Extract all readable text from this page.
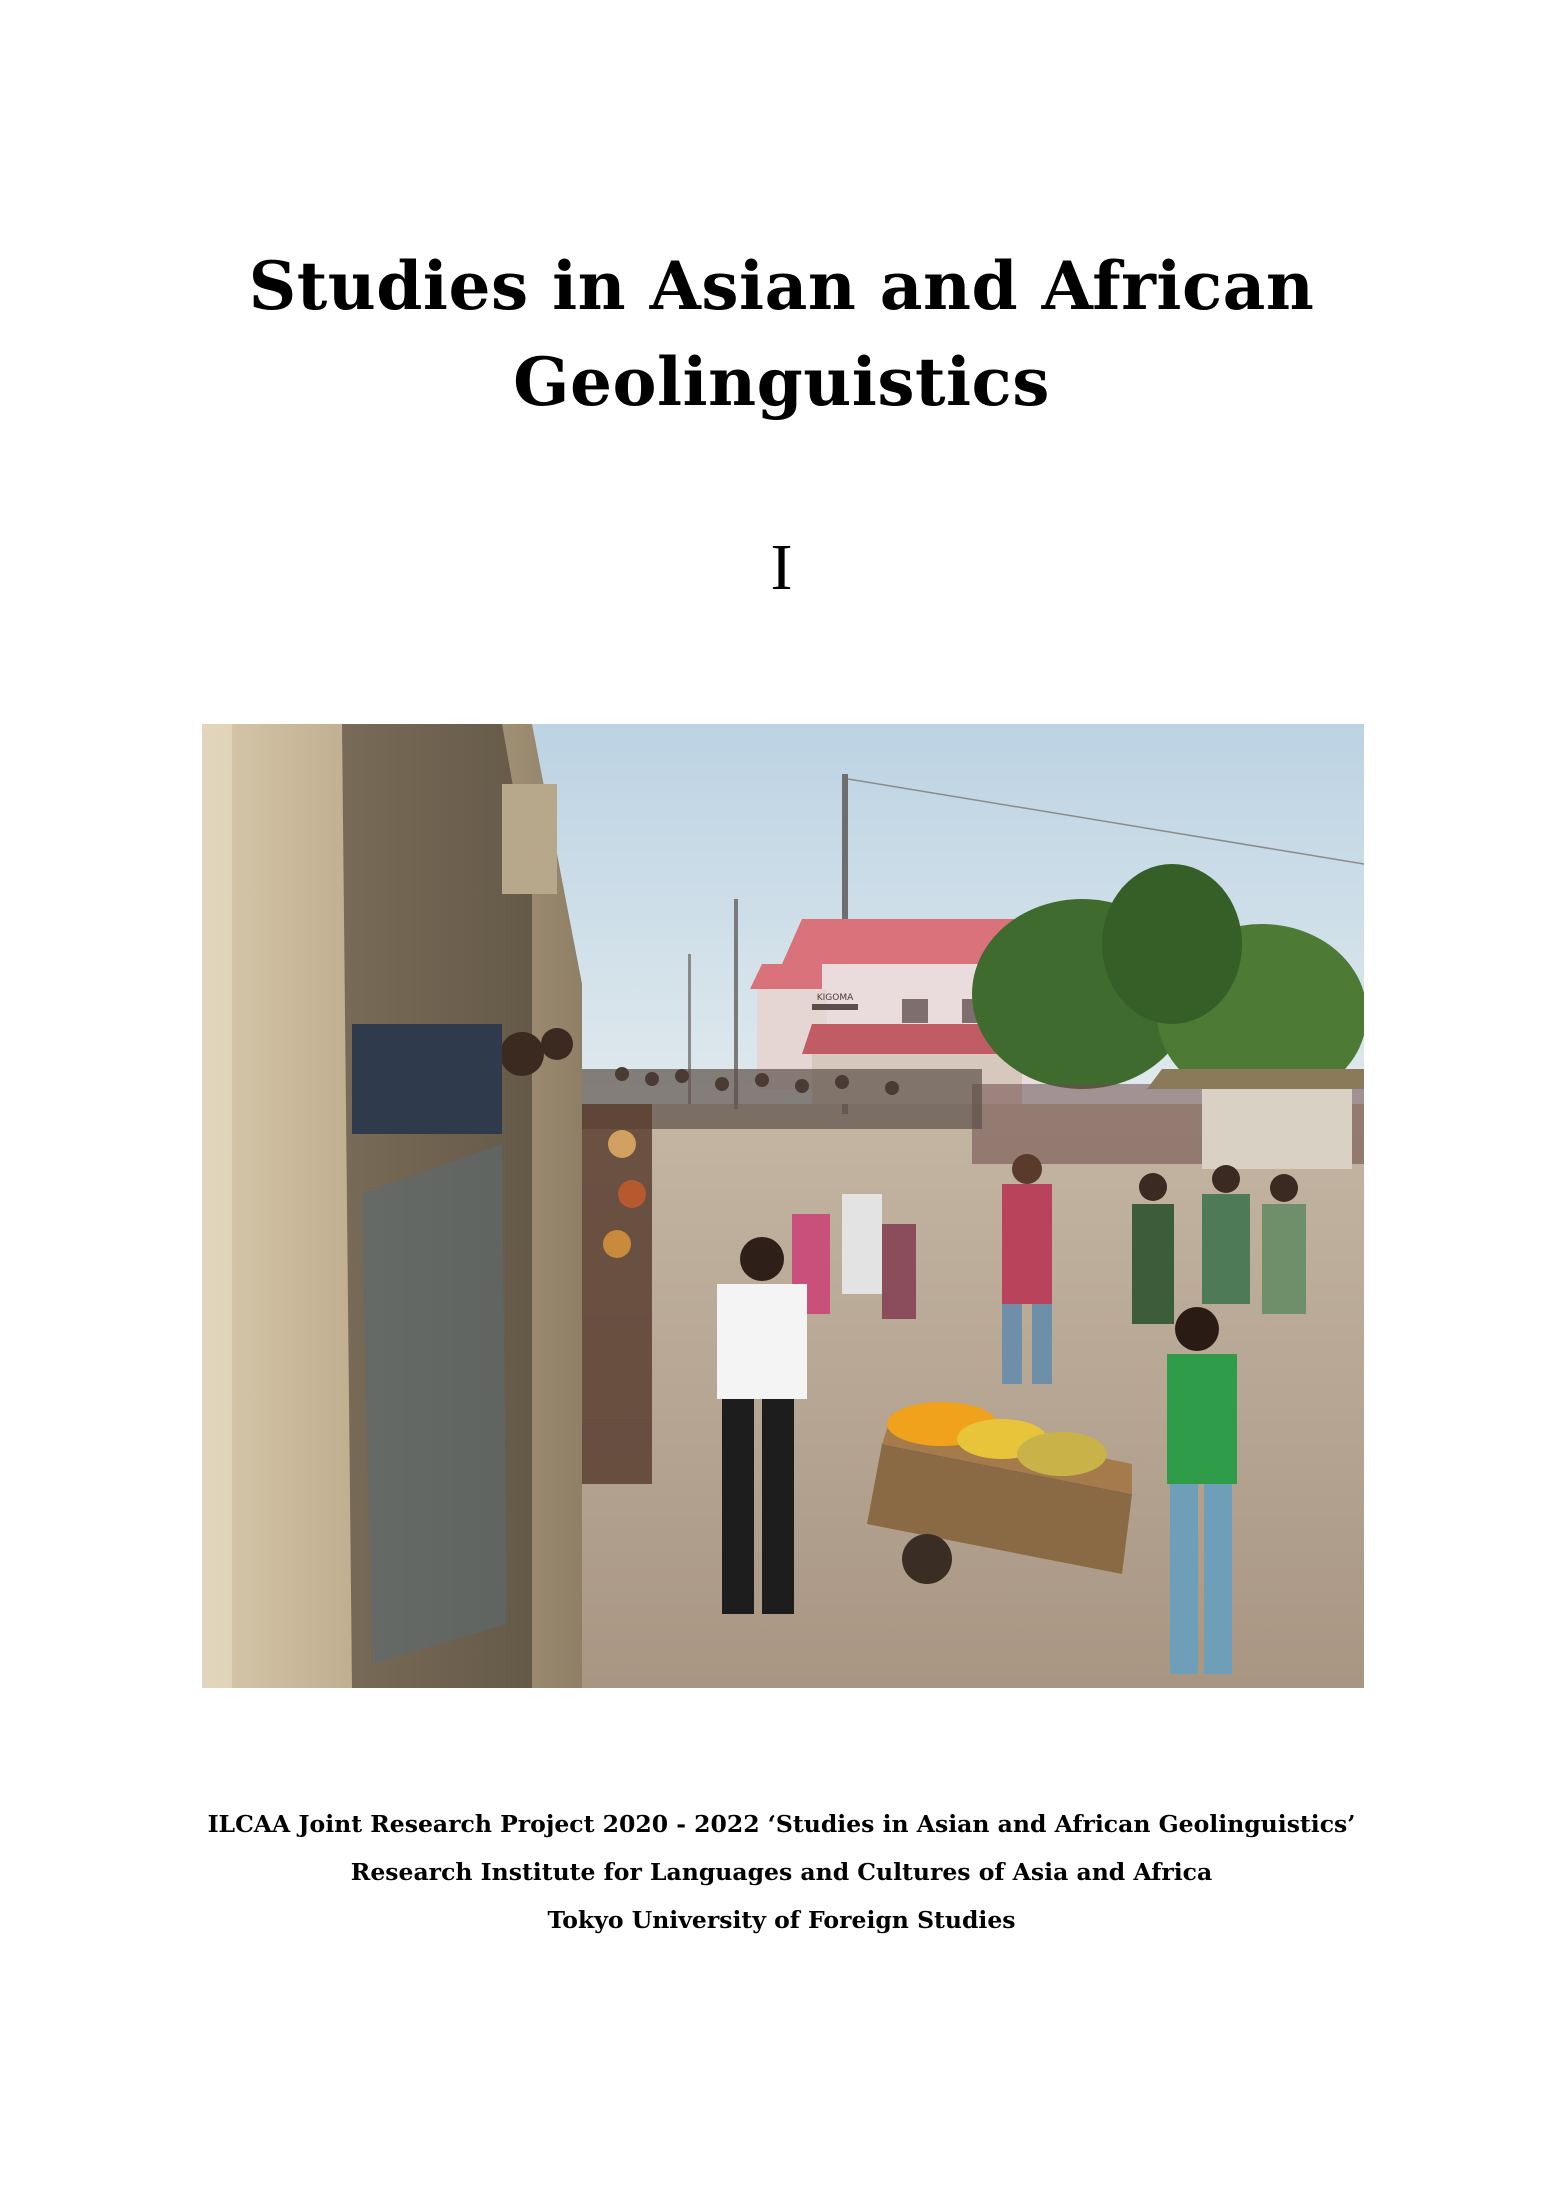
Studies in Asian and African
Geolinguistics
I
KIGOMA
ILCAA Joint Research Project 2020 - 2022 ‘Studies in Asian and African Geolinguistics’
Research Institute for Languages and Cultures of Asia and Africa
Tokyo University of Foreign Studies
